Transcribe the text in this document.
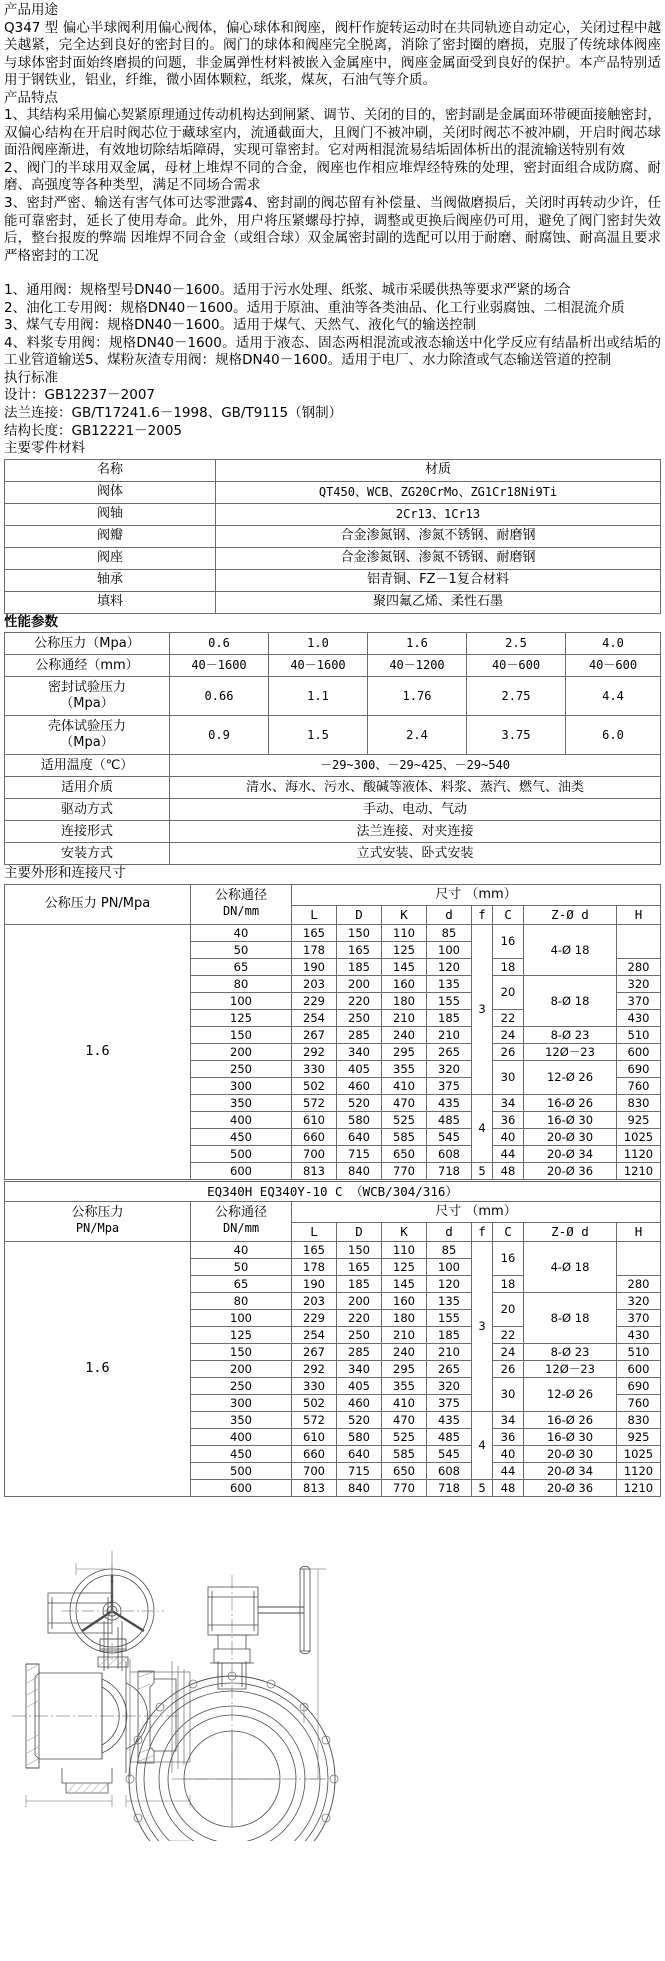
产品用途

Q347 型 偏心半球阀利用偏心阀体，偏心球体和阀座，阀杆作旋转运动时在共同轨迹自动定心，关闭过程中越关越紧，完全达到良好的密封目的。阀门的球体和阀座完全脱离，消除了密封圈的磨损，克服了传统球体阀座与球体密封面始终磨损的问题，非金属弹性材料被嵌入金属座中，阀座金属面受到良好的保护。本产品特别适用于钢铁业，铝业，纤维，微小固体颗粒，纸浆，煤灰，石油气等介质。

产品特点

1、其结构采用偏心契紧原理通过传动机构达到闸紧、调节、关闭的目的，密封副是金属面环带硬面接触密封，双偏心结构在开启时阀芯位于藏球室内，流通截面大，且阀门不被冲刷，关闭时阀芯不被冲刷，开启时阀芯球面沿阀座渐进，有效地切除结垢障碍，实现可靠密封。它对两相混流易结垢固体析出的混流输送特别有效

2、阀门的半球用双金属，母材上堆焊不同的合金，阀座也作相应堆焊经特殊的处理，密封面组合成防腐、耐磨、高强度等各种类型，满足不同场合需求

3、密封严密、输送有害气体可达零泄露4、密封副的阀芯留有补偿量、当阀做磨损后，关闭时再转动少许，任能可靠密封，延长了使用寿命。此外，用户将压紧螺母拧掉，调整或更换后阀座仍可用，避免了阀门密封失效后，整台报废的弊端 因堆焊不同合金（或组合球）双金属密封副的选配可以用于耐磨、耐腐蚀、耐高温且要求严格密封的工况

1、通用阀：规格型号DN40－1600。适用于污水处理、纸浆、城市采暖供热等要求严紧的场合

2、油化工专用阀：规格DN40－1600。适用于原油、重油等各类油品、化工行业弱腐蚀、二相混流介质

3、煤气专用阀：规格DN40－1600。适用于煤气、天然气、液化气的输送控制

4、料浆专用阀：规格DN40－1600。适用于液态、固态两相混流或液态输送中化学反应有结晶析出或结垢的工业管道输送5、煤粉灰渣专用阀：规格DN40－1600。适用于电厂、水力除渣或气态输送管道的控制

执行标准
设计：GB12237－2007
法兰连接：GB/T17241.6－1998、GB/T9115（钢制）
结构长度：GB12221－2005
主要零件材料
名称	材质
阀体	QT450、WCB、ZG20CrMo、ZG1Cr18Ni9Ti
阀轴	2Cr13、1Cr13
阀瓣	合金渗氮钢、渗氮不锈钢、耐磨钢
阀座	合金渗氮钢、渗氮不锈钢、耐磨钢
轴承	铝青铜、FZ－1复合材料
填料	聚四氟乙烯、柔性石墨
性能参数
公称压力（Mpa）	0.6	1.0	1.6	2.5	4.0
公称通经（mm）	40－1600	40－1600	40－1200	40－600	40－600
密封试验压力
（Mpa）	0.66	1.1	1.76	2.75	4.4
壳体试验压力
（Mpa）	0.9	1.5	2.4	3.75	6.0
适用温度（℃）	－29~300、－29~425、－29~540				
适用介质	清水、海水、污水、酸碱等液体、料浆、蒸汽、燃气、油类				
驱动方式	手动、电动、气动				
连接形式	法兰连接、对夹连接				
安装方式	立式安装、卧式安装				
主要外形和连接尺寸
公称压力 PN/Mpa	公称通径
DN/mm	尺寸 （mm）							
		L	D	K	d	f	C	Z-Ø d	H
1.6	40	165	150	110	85	3	16	4-Ø 18	
	50	178	165	125	100				
	65	190	185	145	120		18		280
	80	203	200	160	135		20	8-Ø 18	320
	100	229	220	180	155				370
	125	254	250	210	185		22		430
	150	267	285	240	210		24	8-Ø 23	510
	200	292	340	295	265		26	12Ø－23	600
	250	330	405	355	320		30	12-Ø 26	690
	300	502	460	410	375				760
	350	572	520	470	435	4	34	16-Ø 26	830
	400	610	580	525	485		36	16-Ø 30	925
	450	660	640	585	545		40	20-Ø 30	1025
	500	700	715	650	608		44	20-Ø 34	1120
	600	813	840	770	718	5	48	20-Ø 36	1210
EQ340H EQ340Y-10 C （WCB/304/316）									
公称压力
PN/Mpa	公称通径
DN/mm	尺寸 （mm）							
		L	D	K	d	f	C	Z-Ø d	H
1.6	40	165	150	110	85	3	16	4-Ø 18	
	50	178	165	125	100				
	65	190	185	145	120		18		280
	80	203	200	160	135		20	8-Ø 18	320
	100	229	220	180	155				370
	125	254	250	210	185		22		430
	150	267	285	240	210		24	8-Ø 23	510
	200	292	340	295	265		26	12Ø－23	600
	250	330	405	355	320		30	12-Ø 26	690
	300	502	460	410	375				760
	350	572	520	470	435	4	34	16-Ø 26	830
	400	610	580	525	485		36	16-Ø 30	925
	450	660	640	585	545		40	20-Ø 30	1025
	500	700	715	650	608		44	20-Ø 34	1120
	600	813	840	770	718	5	48	20-Ø 36	1210
